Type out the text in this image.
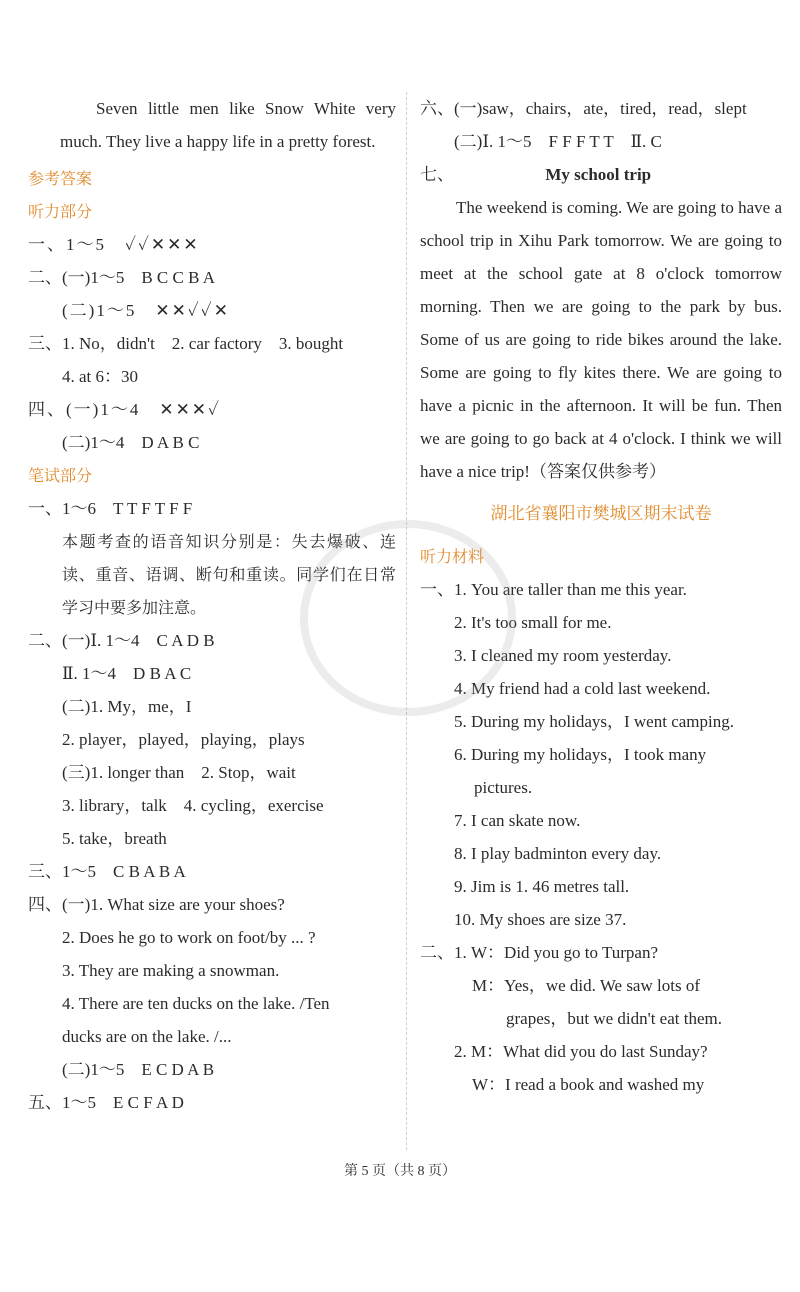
Seven little men like Snow White very much. They live a happy life in a pretty forest.
参考答案
听力部分
一、1～5　✓✓✕✕✕
二、(一)1～5　B C C B A
(二)1～5　✕✕✓✓✕
三、1. No，didn't　2. car factory　3. bought
4. at 6：30
四、(一)1～4　✕✕✕✓
(二)1～4　D A B C
笔试部分
一、1～6　T T F T F F
本题考查的语音知识分别是：失去爆破、连读、重音、语调、断句和重读。同学们在日常学习中要多加注意。
二、(一)Ⅰ. 1～4　C A D B
Ⅱ. 1～4　D B A C
(二)1. My，me，I
2. player，played，playing，plays
(三)1. longer than　2. Stop，wait
3. library，talk　4. cycling，exercise
5. take，breath
三、1～5　C B A B A
四、(一)1. What size are your shoes?
2. Does he go to work on foot/by ... ?
3. They are making a snowman.
4. There are ten ducks on the lake. /Ten
ducks are on the lake. /...
(二)1～5　E C D A B
五、1～5　E C F A D
六、(一)saw，chairs，ate，tired，read，slept
(二)Ⅰ. 1～5　F F F T T　Ⅱ. C
七、	My school trip
The weekend is coming. We are going to have a school trip in Xihu Park tomorrow. We are going to meet at the school gate at 8 o'clock tomorrow morning. Then we are going to the park by bus. Some of us are going to ride bikes around the lake. Some are going to fly kites there. We are going to have a picnic in the afternoon. It will be fun. Then we are going to go back at 4 o'clock. I think we will have a nice trip!（答案仅供参考）
湖北省襄阳市樊城区期末试卷
听力材料
一、1. You are taller than me this year.
2. It's too small for me.
3. I cleaned my room yesterday.
4. My friend had a cold last weekend.
5. During my holidays，I went camping.
6. During my holidays，I took many
pictures.
7. I can skate now.
8. I play badminton every day.
9. Jim is 1. 46 metres tall.
10. My shoes are size 37.
二、1. W：Did you go to Turpan?
M：Yes，we did. We saw lots of
grapes，but we didn't eat them.
2. M：What did you do last Sunday?
W：I read a book and washed my
第 5 页（共 8 页）
